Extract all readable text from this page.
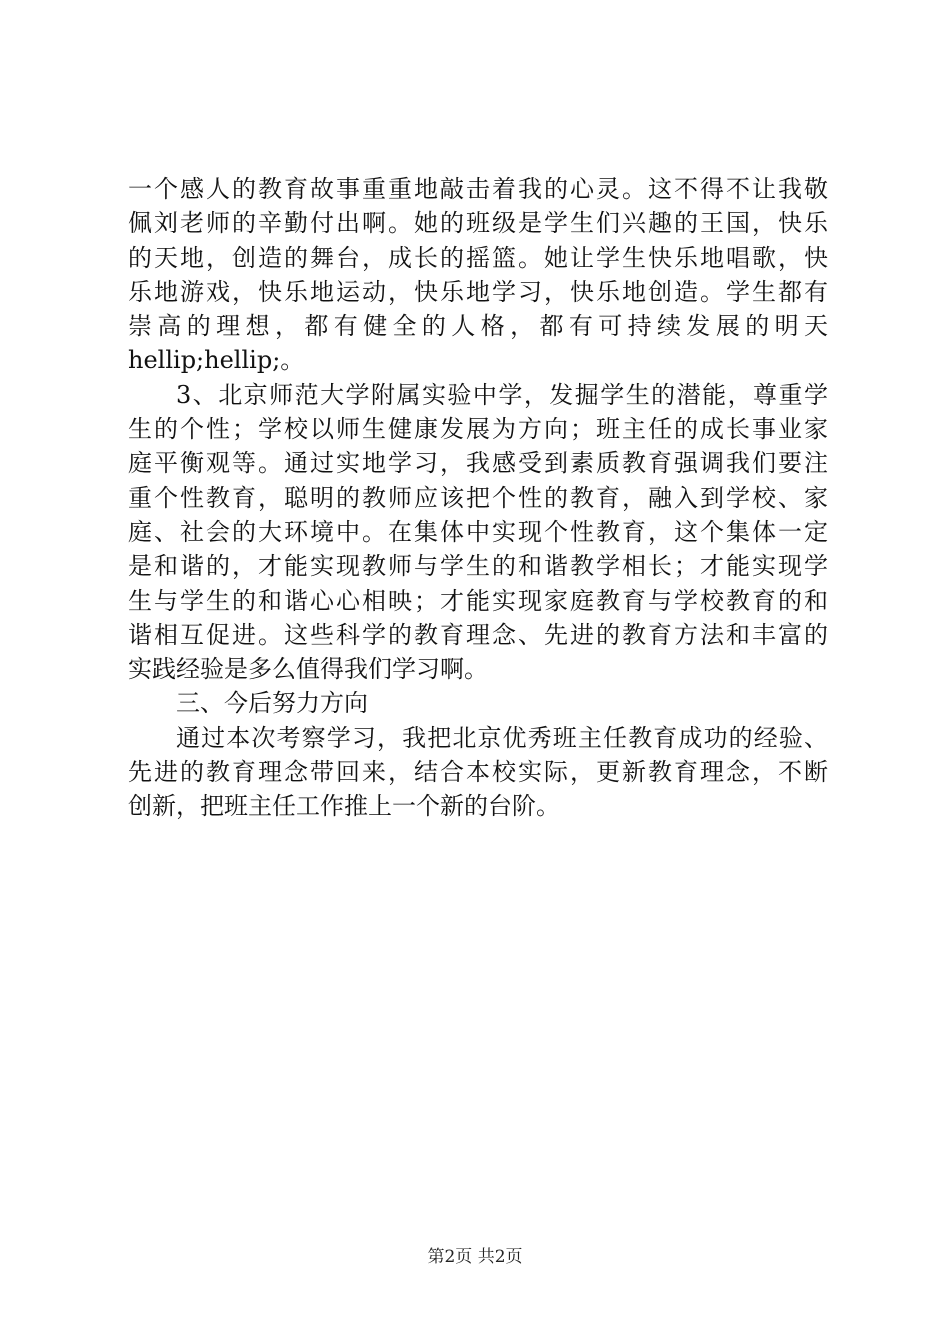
一个感人的教育故事重重地敲击着我的心灵。这不得不让我敬
佩刘老师的辛勤付出啊。她的班级是学生们兴趣的王国，快乐
的天地，创造的舞台，成长的摇篮。她让学生快乐地唱歌，快
乐地游戏，快乐地运动，快乐地学习，快乐地创造。学生都有
崇高的理想，都有健全的人格，都有可持续发展的明天
hellip;hellip;。
3、北京师范大学附属实验中学，发掘学生的潜能，尊重学
生的个性；学校以师生健康发展为方向；班主任的成长事业家
庭平衡观等。通过实地学习，我感受到素质教育强调我们要注
重个性教育，聪明的教师应该把个性的教育，融入到学校、家
庭、社会的大环境中。在集体中实现个性教育，这个集体一定
是和谐的，才能实现教师与学生的和谐教学相长；才能实现学
生与学生的和谐心心相映；才能实现家庭教育与学校教育的和
谐相互促进。这些科学的教育理念、先进的教育方法和丰富的
实践经验是多么值得我们学习啊。
三、今后努力方向
通过本次考察学习，我把北京优秀班主任教育成功的经验、
先进的教育理念带回来，结合本校实际，更新教育理念，不断
创新，把班主任工作推上一个新的台阶。
第2页 共2页
